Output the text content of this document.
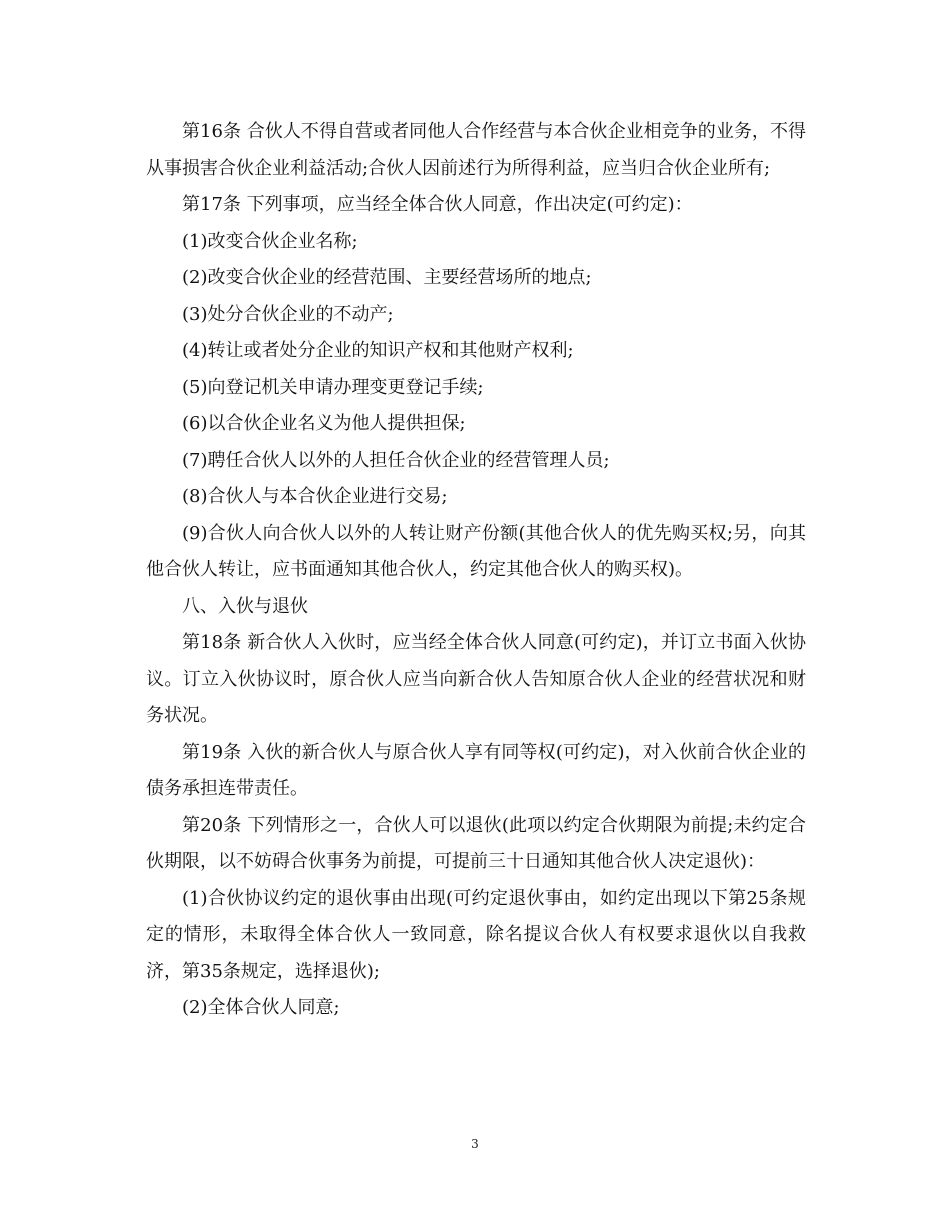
第16条 合伙人不得自营或者同他人合作经营与本合伙企业相竞争的业务，不得从事损害合伙企业利益活动;合伙人因前述行为所得利益，应当归合伙企业所有;

第17条 下列事项，应当经全体合伙人同意，作出决定(可约定)：

(1)改变合伙企业名称;

(2)改变合伙企业的经营范围、主要经营场所的地点;

(3)处分合伙企业的不动产;

(4)转让或者处分企业的知识产权和其他财产权利;

(5)向登记机关申请办理变更登记手续;

(6)以合伙企业名义为他人提供担保;

(7)聘任合伙人以外的人担任合伙企业的经营管理人员;

(8)合伙人与本合伙企业进行交易;

(9)合伙人向合伙人以外的人转让财产份额(其他合伙人的优先购买权;另，向其他合伙人转让，应书面通知其他合伙人，约定其他合伙人的购买权)。

八、入伙与退伙

第18条 新合伙人入伙时，应当经全体合伙人同意(可约定)，并订立书面入伙协议。订立入伙协议时，原合伙人应当向新合伙人告知原合伙人企业的经营状况和财务状况。

第19条 入伙的新合伙人与原合伙人享有同等权(可约定)，对入伙前合伙企业的债务承担连带责任。

第20条 下列情形之一，合伙人可以退伙(此项以约定合伙期限为前提;未约定合伙期限，以不妨碍合伙事务为前提，可提前三十日通知其他合伙人决定退伙)：

(1)合伙协议约定的退伙事由出现(可约定退伙事由，如约定出现以下第25条规定的情形，未取得全体合伙人一致同意，除名提议合伙人有权要求退伙以自我救济，第35条规定，选择退伙);

(2)全体合伙人同意;

3
